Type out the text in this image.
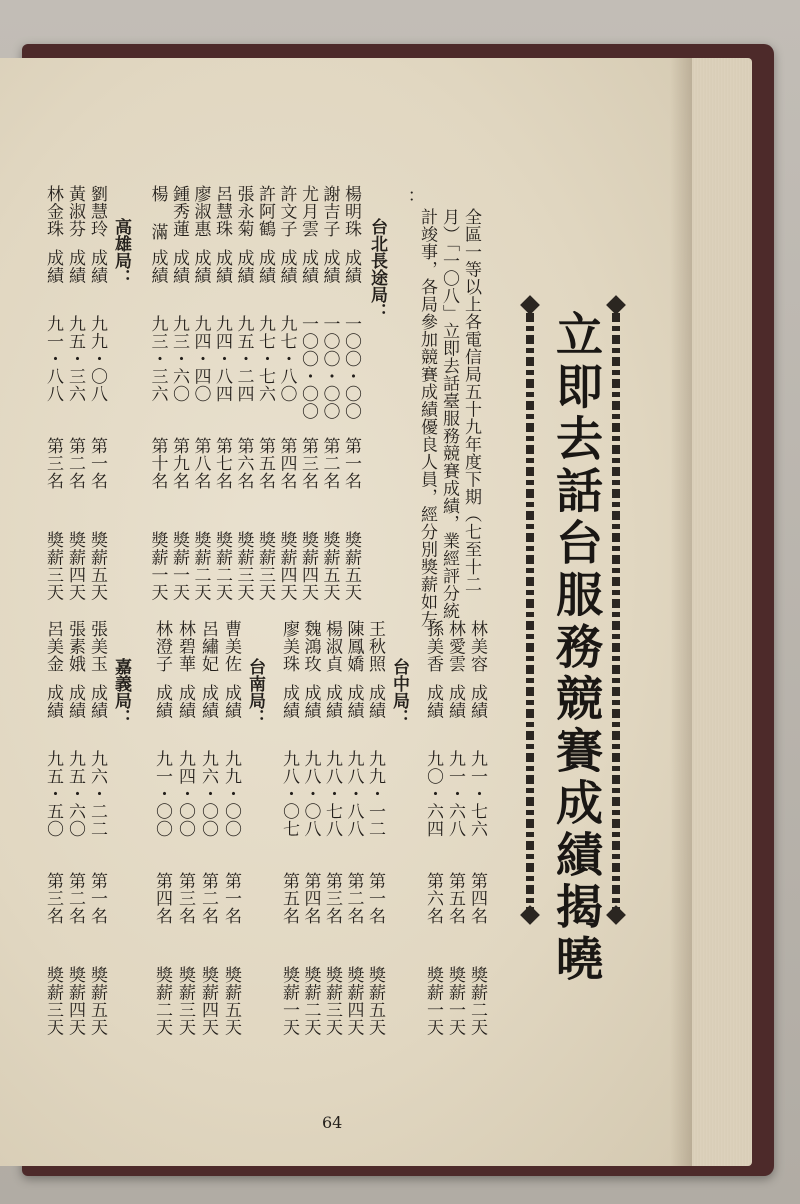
立即去話台服務競賽成績揭曉
全區一等以上各電信局五十九年度下期（七至十二
月）「一〇八」立即去話臺服務競賽成績，業經評分統
計竣事，各局參加競賽成績優良人員，經分別獎薪如左
：
台北長途局：
楊明珠
成績
一〇〇・〇〇
第一名
獎薪五天
謝吉子
成績
一〇〇・〇〇
第二名
獎薪五天
尤月雲
成績
一〇〇・〇〇
第三名
獎薪四天
許文子
成績
九七・八〇
第四名
獎薪四天
許阿鶴
成績
九七・七六
第五名
獎薪三天
張永菊
成績
九五・二四
第六名
獎薪三天
呂慧珠
成績
九四・八四
第七名
獎薪二天
廖淑惠
成績
九四・四〇
第八名
獎薪二天
鍾秀蓮
成績
九三・六〇
第九名
獎薪一天
楊 滿
成績
九三・三六
第十名
獎薪一天
高雄局：
劉慧玲
成績
九九・〇八
第一名
獎薪五天
黃淑芬
成績
九五・三六
第二名
獎薪四天
林金珠
成績
九一・八八
第三名
獎薪三天
林美容
成績
九一・七六
第四名
獎薪二天
林愛雲
成績
九一・六八
第五名
獎薪一天
孫美香
成績
九〇・六四
第六名
獎薪一天
台中局：
王秋照
成績
九九・一二
第一名
獎薪五天
陳鳳嬌
成績
九八・八八
第二名
獎薪四天
楊淑貞
成績
九八・七八
第三名
獎薪三天
魏鴻玫
成績
九八・〇八
第四名
獎薪二天
廖美珠
成績
九八・〇七
第五名
獎薪一天
台南局：
曹美佐
成績
九九・〇〇
第一名
獎薪五天
呂繡妃
成績
九六・〇〇
第二名
獎薪四天
林碧華
成績
九四・〇〇
第三名
獎薪三天
林澄子
成績
九一・〇〇
第四名
獎薪二天
嘉義局：
張美玉
成績
九六・二二
第一名
獎薪五天
張素娥
成績
九五・六〇
第二名
獎薪四天
呂美金
成績
九五・五〇
第三名
獎薪三天
64
